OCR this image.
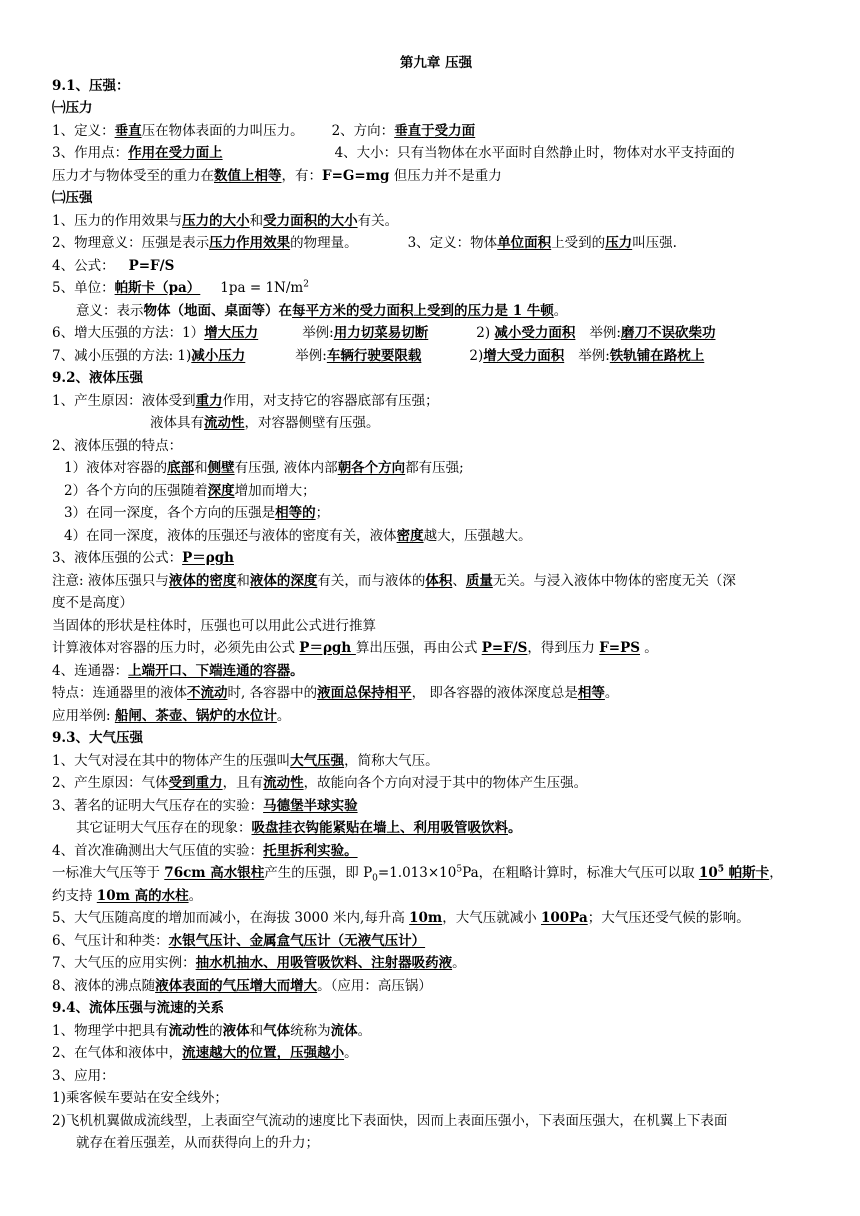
第九章 压强
9.1、压强：
㈠压力
1、定义：垂直压在物体表面的力叫压力。 2、方向：垂直于受力面
3、作用点：作用在受力面上	4、大小：只有当物体在水平面时自然静止时，物体对水平支持面的
压力才与物体受至的重力在数值上相等，有：F=G=mg 但压力并不是重力
㈡压强
1、压力的作用效果与压力的大小和受力面积的大小有关。
2、物理意义：压强是表示压力作用效果的物理量。	3、定义：物体单位面积上受到的压力叫压强.
4、公式： P=F/S
5、单位：帕斯卡（pa） $1pa = 1N/m^2$
意义：表示物体（地面、桌面等）在每平方米的受力面积上受到的压力是 1 牛顿。
6、增大压强的方法：1）增大压力	举例:用力切菜易切断	2) 减小受力面积 举例:磨刀不误砍柴功
7、减小压强的方法: 1)减小压力	举例:车辆行驶要限载	2)增大受力面积 举例:铁轨铺在路枕上
9.2、液体压强
1、产生原因：液体受到重力作用，对支持它的容器底部有压强；
液体具有流动性，对容器侧壁有压强。
2、液体压强的特点：
1）液体对容器的底部和侧壁有压强, 液体内部朝各个方向都有压强;
2）各个方向的压强随着深度增加而增大；
3）在同一深度，各个方向的压强是相等的；
4）在同一深度，液体的压强还与液体的密度有关，液体密度越大，压强越大。
3、液体压强的公式：P＝ρgh
注意: 液体压强只与液体的密度和液体的深度有关，而与液体的体积、质量无关。与浸入液体中物体的密度无关（深
度不是高度）
当固体的形状是柱体时，压强也可以用此公式进行推算
计算液体对容器的压力时，必须先由公式 P＝ρgh 算出压强，再由公式 P=F/S，得到压力 F=PS 。
4、连通器：上端开口、下端连通的容器。
特点：连通器里的液体不流动时, 各容器中的液面总保持相平， 即各容器的液体深度总是相等。
应用举例: 船闸、茶壶、锅炉的水位计。
9.3、大气压强
1、大气对浸在其中的物体产生的压强叫大气压强，简称大气压。
2、产生原因：气体受到重力，且有流动性，故能向各个方向对浸于其中的物体产生压强。
3、著名的证明大气压存在的实验：马德堡半球实验
其它证明大气压存在的现象：吸盘挂衣钩能紧贴在墙上、利用吸管吸饮料。
4、首次准确测出大气压值的实验：托里拆利实验。
一标准大气压等于 76cm 高水银柱产生的压强，即 $P_0=1.013\times 10^5Pa$，在粗略计算时，标准大气压可以取 $10^5$ 帕斯卡，
约支持 10m 高的水柱。
5、大气压随高度的增加而减小，在海拔 3000 米内,每升高 10m，大气压就减小 100Pa；大气压还受气候的影响。
6、气压计和种类：水银气压计、金属盒气压计（无液气压计）
7、大气压的应用实例：抽水机抽水、用吸管吸饮料、注射器吸药液。
8、液体的沸点随液体表面的气压增大而增大。（应用：高压锅）
9.4、流体压强与流速的关系
1、物理学中把具有流动性的液体和气体统称为流体。
2、在气体和液体中，流速越大的位置，压强越小。
3、应用：
1)乘客候车要站在安全线外；
2)飞机机翼做成流线型，上表面空气流动的速度比下表面快，因而上表面压强小，下表面压强大，在机翼上下表面
就存在着压强差，从而获得向上的升力；
